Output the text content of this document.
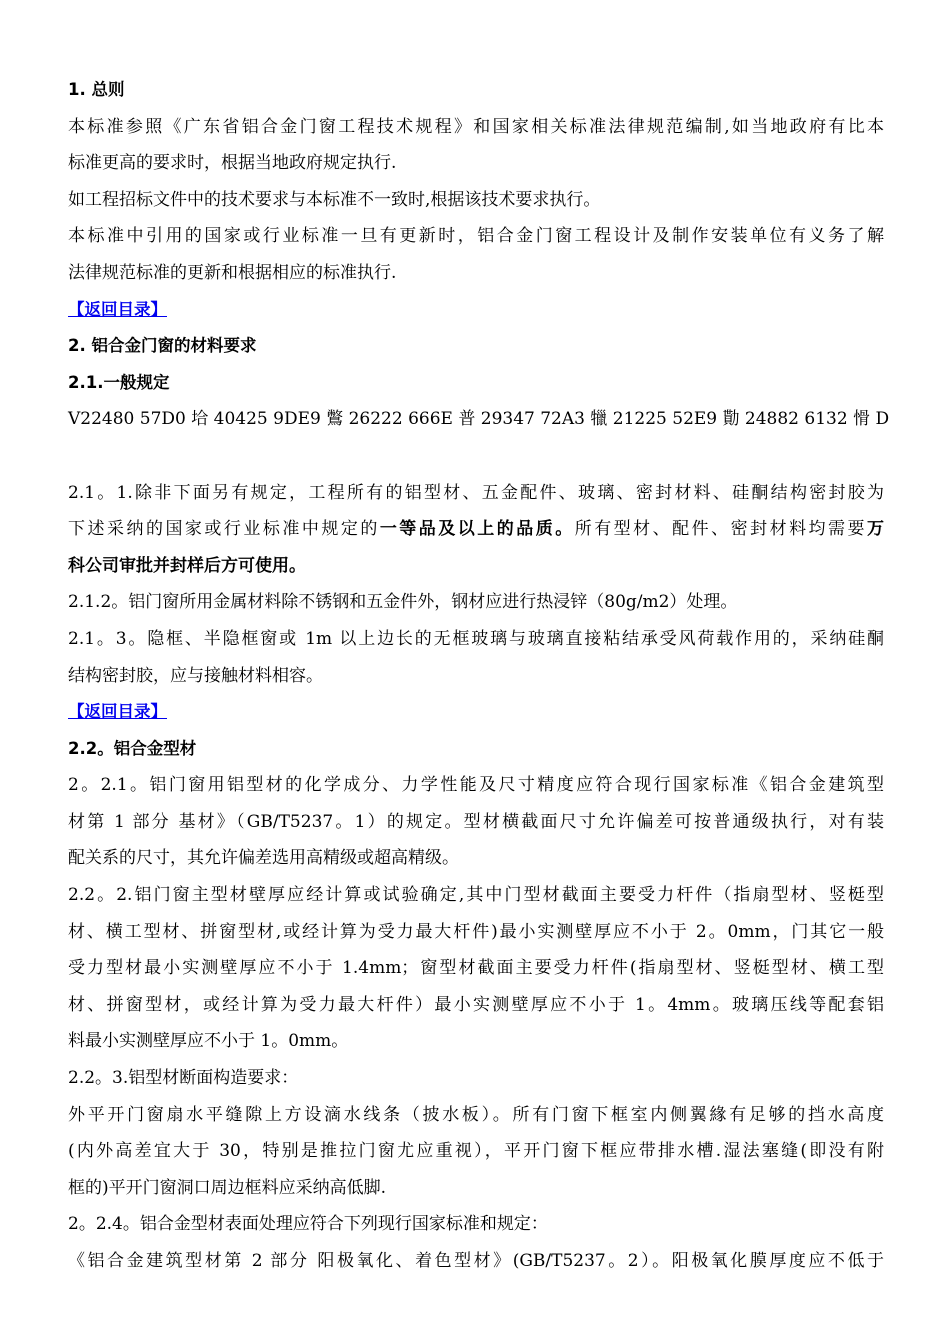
1. 总则
本标准参照《广东省铝合金门窗工程技术规程》和国家相关标准法律规范编制,如当地政府有比本
标准更高的要求时，根据当地政府规定执行.
如工程招标文件中的技术要求与本标准不一致时,根据该技术要求执行。
本标准中引用的国家或行业标准一旦有更新时，铝合金门窗工程设计及制作安装单位有义务了解
法律规范标准的更新和根据相应的标准执行.
【返回目录】
2. 铝合金门窗的材料要求
2.1.一般规定
V22480 57D0 垥 40425 9DE9 鷩 26222 666E 普 29347 72A3 犣 21225 52E9 勩 24882 6132 愲 D
2.1。1.除非下面另有规定，工程所有的铝型材、五金配件、玻璃、密封材料、硅酮结构密封胶为
下述采纳的国家或行业标准中规定的一等品及以上的品质。所有型材、配件、密封材料均需要万
科公司审批并封样后方可使用。
2.1.2。铝门窗所用金属材料除不锈钢和五金件外，钢材应进行热浸锌（80g/m2）处理。
2.1。3。隐框、半隐框窗或 1m 以上边长的无框玻璃与玻璃直接粘结承受风荷载作用的，采纳硅酮
结构密封胶，应与接触材料相容。
【返回目录】
2.2。铝合金型材
2。2.1。铝门窗用铝型材的化学成分、力学性能及尺寸精度应符合现行国家标准《铝合金建筑型
材第 1 部分 基材》（GB/T5237。1）的规定。型材横截面尺寸允许偏差可按普通级执行，对有装
配关系的尺寸，其允许偏差选用高精级或超高精级。
2.2。2.铝门窗主型材壁厚应经计算或试验确定,其中门型材截面主要受力杆件（指扇型材、竖梃型
材、横工型材、拼窗型材,或经计算为受力最大杆件)最小实测壁厚应不小于 2。0mm，门其它一般
受力型材最小实测壁厚应不小于 1.4mm；窗型材截面主要受力杆件(指扇型材、竖梃型材、横工型
材、拼窗型材，或经计算为受力最大杆件）最小实测壁厚应不小于 1。4mm。玻璃压线等配套铝
料最小实测壁厚应不小于 1。0mm。
2.2。3.铝型材断面构造要求：
外平开门窗扇水平缝隙上方设滴水线条（披水板）。所有门窗下框室内侧翼緣有足够的挡水高度
(内外高差宜大于 30，特别是推拉门窗尤应重视），平开门窗下框应带排水槽.湿法塞缝(即没有附
框的)平开门窗洞口周边框料应采纳高低脚.
2。2.4。铝合金型材表面处理应符合下列现行国家标准和规定：
《铝合金建筑型材第 2 部分 阳极氧化、着色型材》(GB/T5237。2）。阳极氧化膜厚度应不低于
